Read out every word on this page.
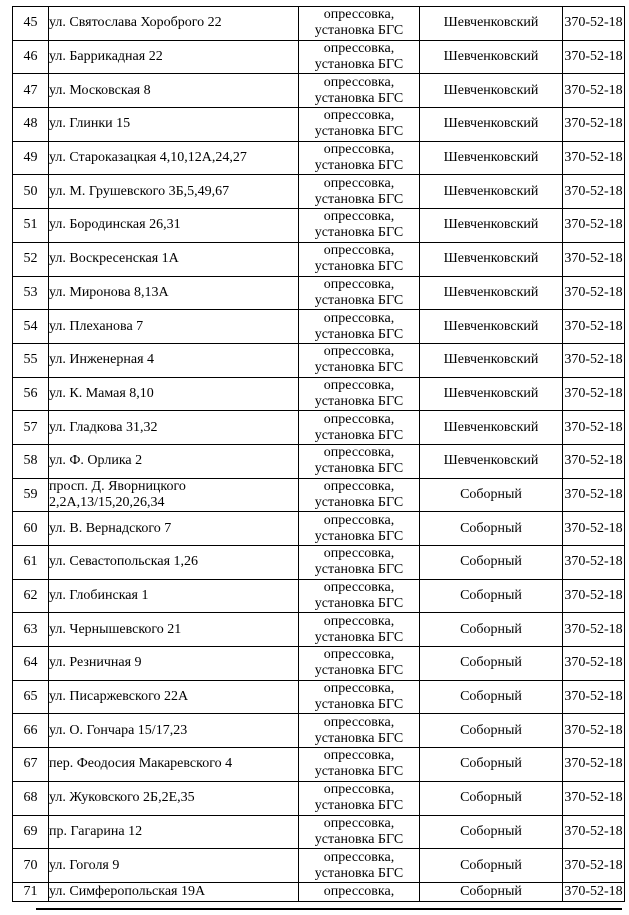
45	ул. Святослава Хороброго 22	опрессовка,
установка БГС	Шевченковский	370-52-18
46	ул. Баррикадная 22	опрессовка,
установка БГС	Шевченковский	370-52-18
47	ул. Московская 8	опрессовка,
установка БГС	Шевченковский	370-52-18
48	ул. Глинки 15	опрессовка,
установка БГС	Шевченковский	370-52-18
49	ул. Староказацкая 4,10,12А,24,27	опрессовка,
установка БГС	Шевченковский	370-52-18
50	ул. М. Грушевского 3Б,5,49,67	опрессовка,
установка БГС	Шевченковский	370-52-18
51	ул. Бородинская 26,31	опрессовка,
установка БГС	Шевченковский	370-52-18
52	ул. Воскресенская 1А	опрессовка,
установка БГС	Шевченковский	370-52-18
53	ул. Миронова 8,13А	опрессовка,
установка БГС	Шевченковский	370-52-18
54	ул. Плеханова 7	опрессовка,
установка БГС	Шевченковский	370-52-18
55	ул. Инженерная 4	опрессовка,
установка БГС	Шевченковский	370-52-18
56	ул. К. Мамая 8,10	опрессовка,
установка БГС	Шевченковский	370-52-18
57	ул. Гладкова 31,32	опрессовка,
установка БГС	Шевченковский	370-52-18
58	ул. Ф. Орлика 2	опрессовка,
установка БГС	Шевченковский	370-52-18
59	просп. Д. Яворницкого
2,2А,13/15,20,26,34	опрессовка,
установка БГС	Соборный	370-52-18
60	ул. В. Вернадского 7	опрессовка,
установка БГС	Соборный	370-52-18
61	ул. Севастопольская 1,26	опрессовка,
установка БГС	Соборный	370-52-18
62	ул. Глобинская 1	опрессовка,
установка БГС	Соборный	370-52-18
63	ул. Чернышевского 21	опрессовка,
установка БГС	Соборный	370-52-18
64	ул. Резничная 9	опрессовка,
установка БГС	Соборный	370-52-18
65	ул. Писаржевского 22А	опрессовка,
установка БГС	Соборный	370-52-18
66	ул. О. Гончара 15/17,23	опрессовка,
установка БГС	Соборный	370-52-18
67	пер. Феодосия Макаревского 4	опрессовка,
установка БГС	Соборный	370-52-18
68	ул. Жуковского 2Б,2Е,35	опрессовка,
установка БГС	Соборный	370-52-18
69	пр. Гагарина 12	опрессовка,
установка БГС	Соборный	370-52-18
70	ул. Гоголя 9	опрессовка,
установка БГС	Соборный	370-52-18
71	ул. Симферопольская 19А	опрессовка,	Соборный	370-52-18
